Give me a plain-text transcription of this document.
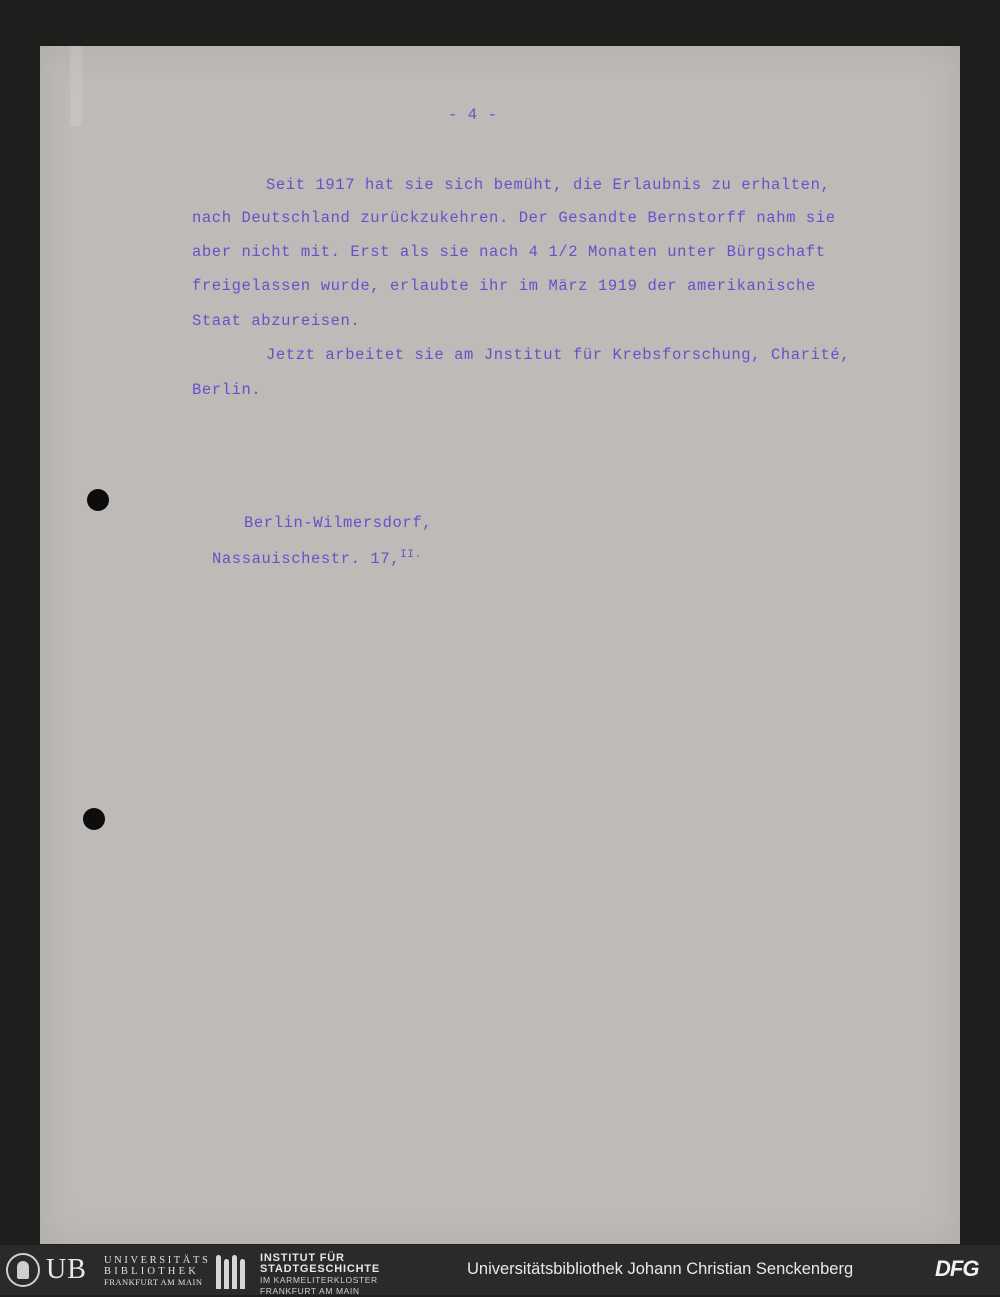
- 4 -
Seit 1917 hat sie sich bemüht, die Erlaubnis zu erhalten,
nach Deutschland zurückzukehren. Der Gesandte Bernstorff nahm sie
aber nicht mit. Erst als sie nach 4 1/2 Monaten unter Bürgschaft
freigelassen wurde, erlaubte ihr im März 1919 der amerikanische
Staat abzureisen.
Jetzt arbeitet sie am Jnstitut für Krebsforschung, Charité,
Berlin.
Berlin-Wilmersdorf,
Nassauischestr. 17,$^{II.}$
UB UNIVERSITÄTS
BIBLIOTHEK
FRANKFURT AM MAIN
INSTITUT FÜR
STADTGESCHICHTE
IM KARMELITERKLOSTER
FRANKFURT AM MAIN
Universitätsbibliothek Johann Christian Senckenberg	DFG
